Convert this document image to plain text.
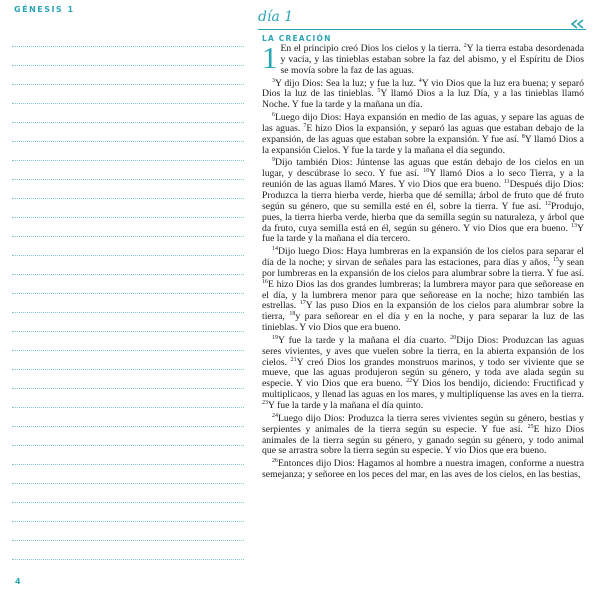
GÉNESIS 1	día 1
LA CREACIÓN

1 En el principio creó Dios los cielos y la tierra. $^2$Y la tierra estaba desordenada y vacía, y las tinieblas estaban sobre la faz del abismo, y el Espíritu de Dios se movía sobre la faz de las aguas.

$^3$Y dijo Dios: Sea la luz; y fue la luz. $^4$Y vio Dios que la luz era buena; y separó Dios la luz de las tinieblas. $^5$Y llamó Dios a la luz Día, y a las tinieblas llamó Noche. Y fue la tarde y la mañana un día.

$^6$Luego dijo Dios: Haya expansión en medio de las aguas, y separe las aguas de las aguas. $^7$E hizo Dios la expansión, y separó las aguas que estaban debajo de la expansión, de las aguas que estaban sobre la expansión. Y fue así. $^8$Y llamó Dios a la expansión Cielos. Y fue la tarde y la mañana el día segundo.

$^9$Dijo también Dios: Júntense las aguas que están debajo de los cielos en un lugar, y descúbrase lo seco. Y fue así. $^{10}$Y llamó Dios a lo seco Tierra, y a la reunión de las aguas llamó Mares. Y vio Dios que era bueno. $^{11}$Después dijo Dios: Produzca la tierra hierba verde, hierba que dé semilla; árbol de fruto que dé fruto según su género, que su semilla esté en él, sobre la tierra. Y fue así. $^{12}$Produjo, pues, la tierra hierba verde, hierba que da semilla según su naturaleza, y árbol que da fruto, cuya semilla está en él, según su género. Y vio Dios que era bueno. $^{13}$Y fue la tarde y la mañana el día tercero.

$^{14}$Dijo luego Dios: Haya lumbreras en la expansión de los cielos para separar el día de la noche; y sirvan de señales para las estaciones, para días y años, $^{15}$y sean por lumbreras en la expansión de los cielos para alumbrar sobre la tierra. Y fue así. $^{16}$E hizo Dios las dos grandes lumbreras; la lumbrera mayor para que señorease en el día, y la lumbrera menor para que señorease en la noche; hizo también las estrellas. $^{17}$Y las puso Dios en la expansión de los cielos para alumbrar sobre la tierra, $^{18}$y para señorear en el día y en la noche, y para separar la luz de las tinieblas. Y vio Dios que era bueno.

$^{19}$Y fue la tarde y la mañana el día cuarto. $^{20}$Dijo Dios: Produzcan las aguas seres vivientes, y aves que vuelen sobre la tierra, en la abierta expansión de los cielos. $^{21}$Y creó Dios los grandes monstruos marinos, y todo ser viviente que se mueve, que las aguas produjeron según su género, y toda ave alada según su especie. Y vio Dios que era bueno. $^{22}$Y Dios los bendijo, diciendo: Fructificad y multiplicaos, y llenad las aguas en los mares, y multiplíquense las aves en la tierra. $^{23}$Y fue la tarde y la mañana el día quinto.

$^{24}$Luego dijo Dios: Produzca la tierra seres vivientes según su género, bestias y serpientes y animales de la tierra según su especie. Y fue así. $^{25}$E hizo Dios animales de la tierra según su género, y ganado según su género, y todo animal que se arrastra sobre la tierra según su especie. Y vio Dios que era bueno.

$^{26}$Entonces dijo Dios: Hagamos al hombre a nuestra imagen, conforme a nuestra semejanza; y señoree en los peces del mar, en las aves de los cielos, en las bestias,

4
